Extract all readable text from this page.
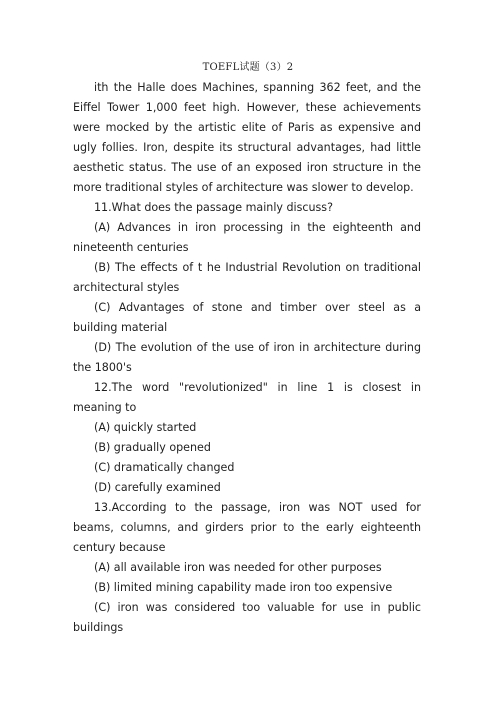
TOEFL试题（3）2

ith the Halle does Machines, spanning 362 feet, and the Eiffel Tower 1,000 feet high. However, these achievements were mocked by the artistic elite of Paris as expensive and ugly follies. Iron, despite its structural advantages, had little aesthetic status. The use of an exposed iron structure in the more traditional styles of architecture was slower to develop.

11.What does the passage mainly discuss?

(A) Advances in iron processing in the eighteenth and nineteenth centuries

(B) The effects of t he Industrial Revolution on traditional architectural styles

(C) Advantages of stone and timber over steel as a building material

(D) The evolution of the use of iron in architecture during the 1800's

12.The word "revolutionized" in line 1 is closest in meaning to

(A) quickly started

(B) gradually opened

(C) dramatically changed

(D) carefully examined

13.According to the passage, iron was NOT used for beams, columns, and girders prior to the early eighteenth century because

(A) all available iron was needed for other purposes

(B) limited mining capability made iron too expensive

(C) iron was considered too valuable for use in public buildings
